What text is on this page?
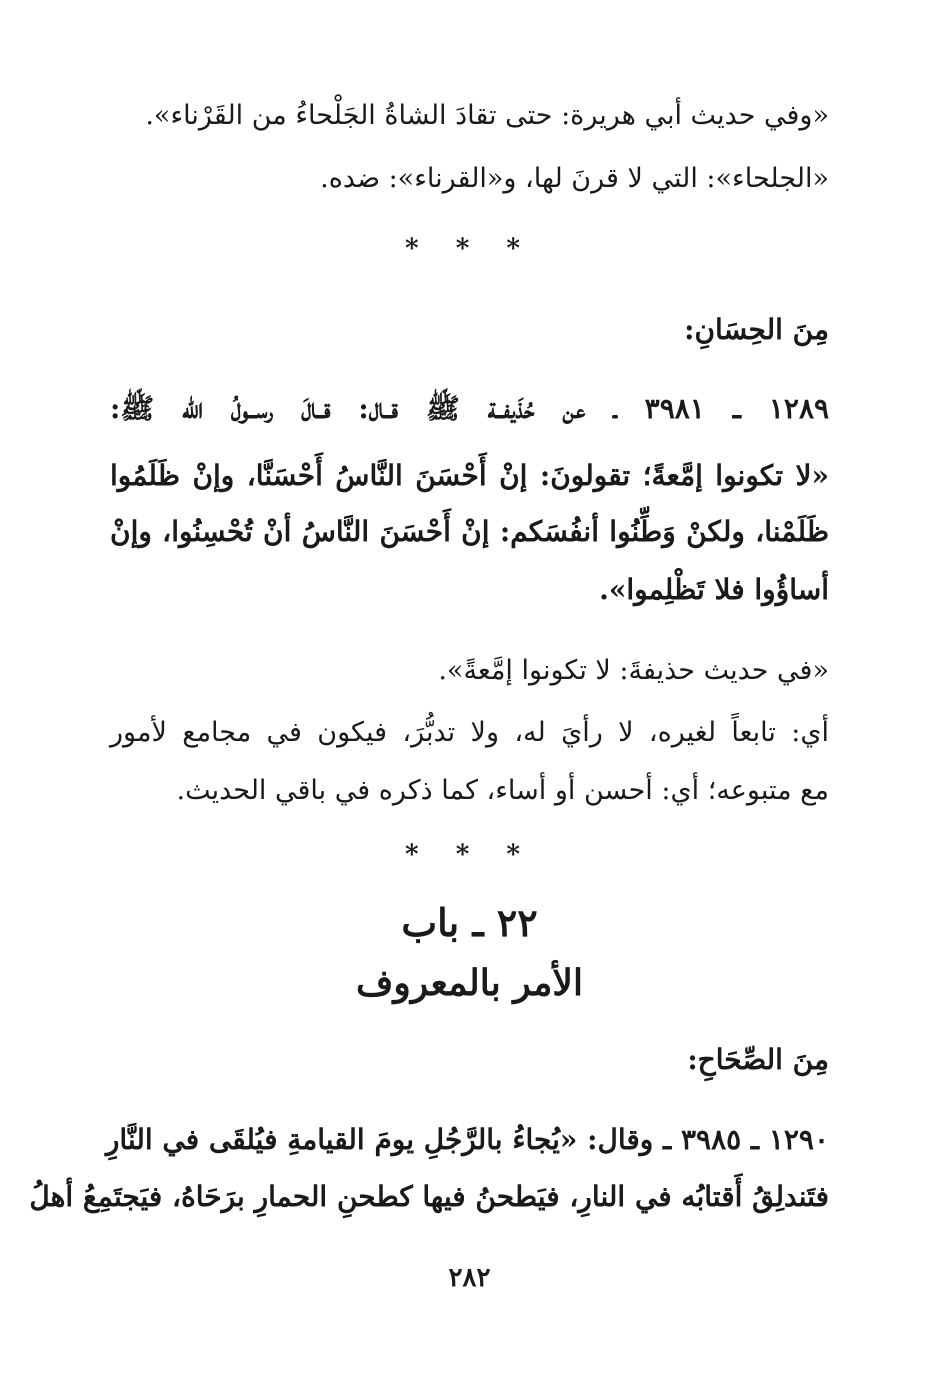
«وفي حديث أبي هريرة: حتى تقادَ الشاةُ الجَلْحاءُ من القَرْناء».
«الجلحاء»: التي لا قرنَ لها، و«القرناء»: ضده.
* * *
مِنَ الحِسَانِ:
١٢٨٩ ـ ٣٩٨١ ـ عن حُذَيفــة ﷺ قــال: قــالَ رســولُ الله ﷺ:
«لا تكونوا إمَّعةً؛ تقولونَ: إنْ أَحْسَنَ النَّاسُ أَحْسَنَّا، وإنْ ظَلَمُوا
ظَلَمْنا، ولكنْ وَطِّنُوا أنفُسَكم: إنْ أَحْسَنَ النَّاسُ أنْ تُحْسِنُوا، وإنْ
أساؤُوا فلا تَظْلِموا».
«في حديث حذيفةَ: لا تكونوا إمَّعةً».
أي: تابعاً لغيره، لا رأيَ له، ولا تدبُّرَ، فيكون في مجامع لأمور
مع متبوعه؛ أي: أحسن أو أساء، كما ذكره في باقي الحديث.
* * *
٢٢ ـ باب
الأمر بالمعروف
مِنَ الصِّحَاحِ:
١٢٩٠ ـ ٣٩٨٥ ـ وقال: «يُجاءُ بالرَّجُلِ يومَ القيامةِ فيُلقَى في النَّارِ
فتَندلِقُ أَقتابُه في النارِ، فيَطحنُ فيها كطحنِ الحمارِ برَحَاهُ، فيَجتَمِعُ أهلُ
٢٨٢
